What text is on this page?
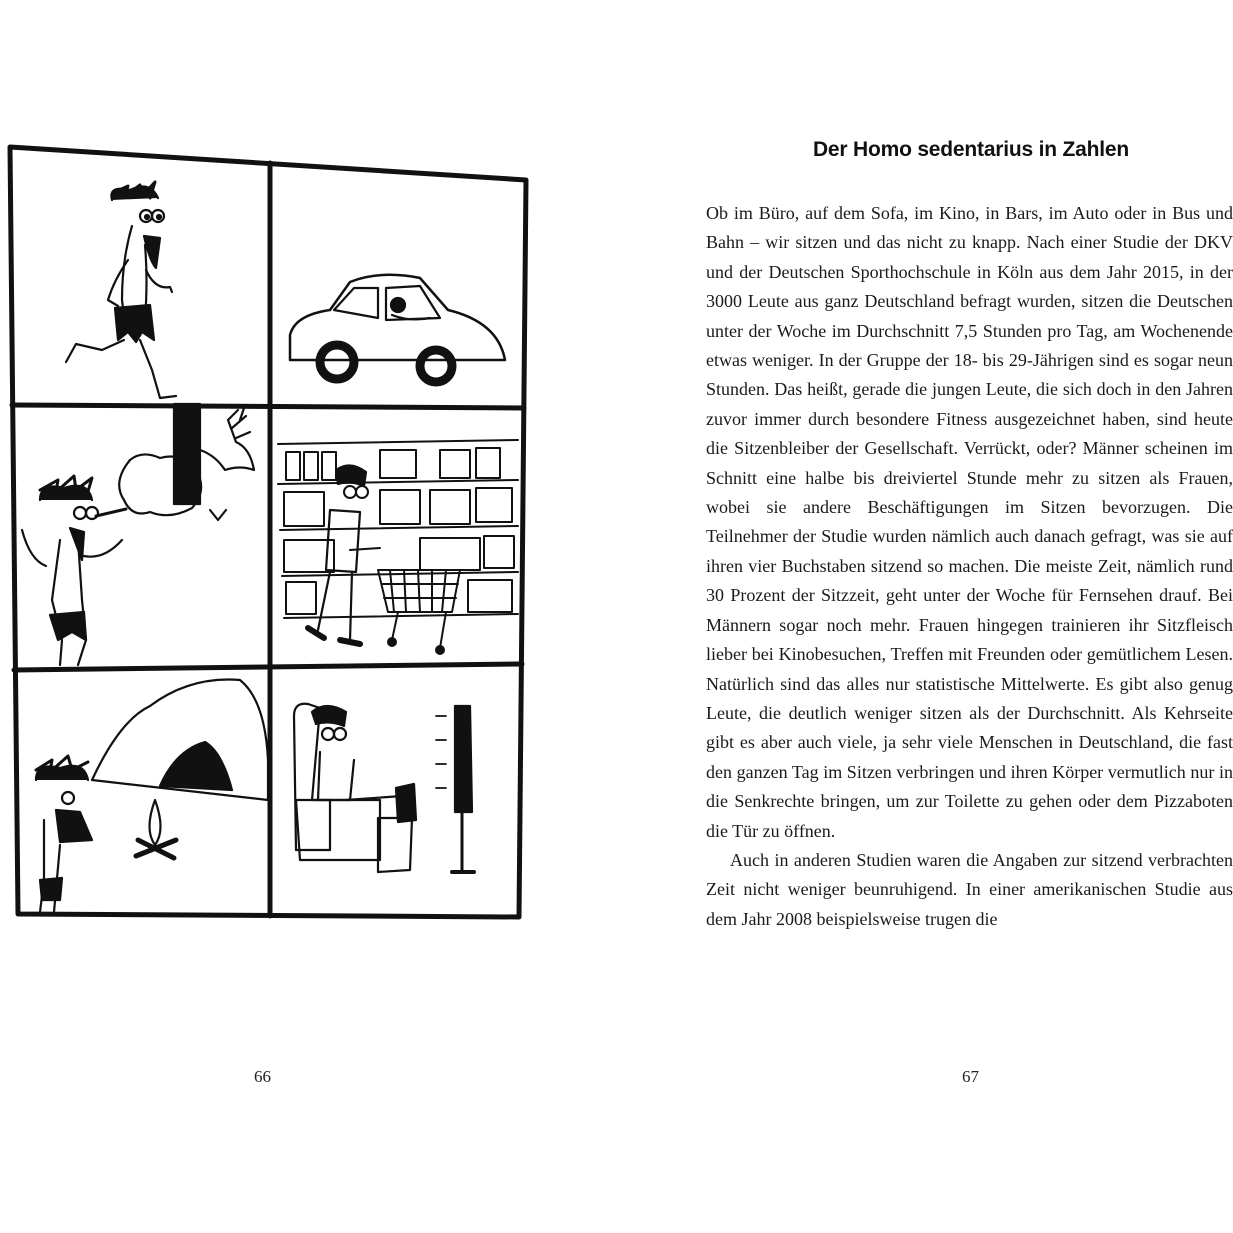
66
Der Homo sedentarius in Zahlen

Ob im Büro, auf dem Sofa, im Kino, in Bars, im Auto oder in Bus und Bahn – wir sitzen und das nicht zu knapp. Nach einer Studie der DKV und der Deutschen Sporthochschule in Köln aus dem Jahr 2015, in der 3000 Leute aus ganz Deutschland befragt wurden, sitzen die Deutschen unter der Woche im Durchschnitt 7,5 Stunden pro Tag, am Wochenende etwas weniger. In der Gruppe der 18- bis 29-Jährigen sind es sogar neun Stunden. Das heißt, gerade die jungen Leute, die sich doch in den Jahren zuvor immer durch besondere Fitness ausgezeichnet haben, sind heute die Sitzenbleiber der Gesellschaft. Verrückt, oder? Männer scheinen im Schnitt eine halbe bis dreiviertel Stunde mehr zu sitzen als Frauen, wobei sie andere Beschäftigungen im Sitzen bevorzugen. Die Teilnehmer der Studie wurden nämlich auch danach gefragt, was sie auf ihren vier Buchstaben sitzend so machen. Die meiste Zeit, nämlich rund 30 Prozent der Sitzzeit, geht unter der Woche für Fernsehen drauf. Bei Männern sogar noch mehr. Frauen hingegen trainieren ihr Sitzfleisch lieber bei Kinobesuchen, Treffen mit Freunden oder gemütlichem Lesen. Natürlich sind das alles nur statistische Mittelwerte. Es gibt also genug Leute, die deutlich weniger sitzen als der Durchschnitt. Als Kehrseite gibt es aber auch viele, ja sehr viele Menschen in Deutschland, die fast den ganzen Tag im Sitzen verbringen und ihren Körper vermutlich nur in die Senkrechte bringen, um zur Toilette zu gehen oder dem Pizzaboten die Tür zu öffnen.

Auch in anderen Studien waren die Angaben zur sitzend verbrachten Zeit nicht weniger beunruhigend. In einer amerikanischen Studie aus dem Jahr 2008 beispielsweise trugen die

67
